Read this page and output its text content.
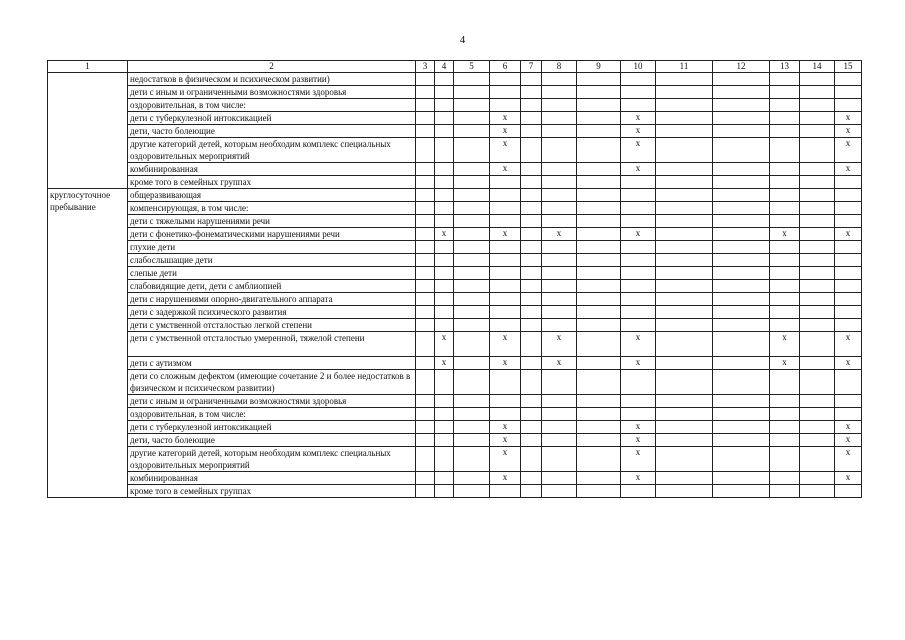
4
1	2	3	4	5	6	7	8	9	10	11	12	13	14	15
	недостатков в физическом и психическом развитии)													
	дети с иным и ограниченными возможностями здоровья													
	оздоровительная, в том числе:													
	дети с туберкулезной интоксикацией				x				x					x
	дети, часто болеющие				x				x					x
	другие категорий детей, которым необходим комплекс специальных оздоровительных мероприятий				x				x					x
	комбинированная				x				x					x
	кроме того в семейных группах													
круглосуточное пребывание	общеразвивающая													
	компенсирующая, в том числе:													
	дети с тяжелыми нарушениями речи													
	дети с фонетико-фонематическими нарушениями речи		x		x		x		x			x		x
	глухие дети													
	слабослышащие дети													
	слепые дети													
	слабовидящие дети, дети с амблиопией													
	дети с нарушениями опорно-двигательного аппарата													
	дети с задержкой психического развития													
	дети с умственной отсталостью легкой степени													
	дети с умственной отсталостью умеренной, тяжелой степени		x		x		x		x			x		x
	дети с аутизмом		x		x		x		x			x		x
	дети со сложным дефектом (имеющие сочетание 2 и более недостатков в физическом и психическом развитии)													
	дети с иным и ограниченными возможностями здоровья													
	оздоровительная, в том числе:													
	дети с туберкулезной интоксикацией				x				x					x
	дети, часто болеющие				x				x					x
	другие категорий детей, которым необходим комплекс специальных оздоровительных мероприятий				x				x					x
	комбинированная				x				x					x
	кроме того в семейных группах													
